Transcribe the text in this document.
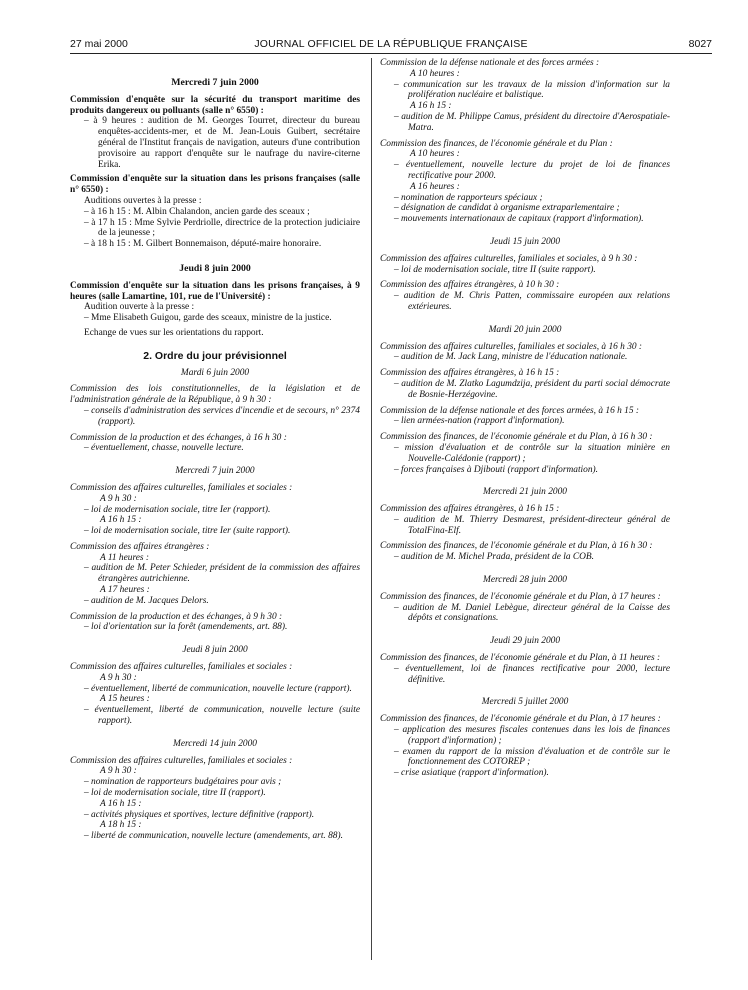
27 mai 2000	JOURNAL OFFICIEL DE LA RÉPUBLIQUE FRANÇAISE	8027
Mercredi 7 juin 2000
Commission d'enquête sur la sécurité du transport maritime des produits dangereux ou polluants (salle n° 6550) :
– à 9 heures : audition de M. Georges Tourret, directeur du bureau enquêtes-accidents-mer, et de M. Jean-Louis Guibert, secrétaire général de l'Institut français de navigation, auteurs d'une contribution provisoire au rapport d'enquête sur le naufrage du navire-citerne Erika.
Commission d'enquête sur la situation dans les prisons françaises (salle n° 6550) :
Auditions ouvertes à la presse :
– à 16 h 15 : M. Albin Chalandon, ancien garde des sceaux ;
– à 17 h 15 : Mme Sylvie Perdriolle, directrice de la protection judiciaire de la jeunesse ;
– à 18 h 15 : M. Gilbert Bonnemaison, député-maire honoraire.
Jeudi 8 juin 2000
Commission d'enquête sur la situation dans les prisons françaises, à 9 heures (salle Lamartine, 101, rue de l'Université) :
Audition ouverte à la presse :
– Mme Elisabeth Guigou, garde des sceaux, ministre de la justice.
Echange de vues sur les orientations du rapport.
2. Ordre du jour prévisionnel
Mardi 6 juin 2000
Commission des lois constitutionnelles, de la législation et de l'administration générale de la République, à 9 h 30 :
– conseils d'administration des services d'incendie et de secours, n° 2374 (rapport).
Commission de la production et des échanges, à 16 h 30 :
– éventuellement, chasse, nouvelle lecture.
Mercredi 7 juin 2000
Commission des affaires culturelles, familiales et sociales :
A 9 h 30 :
– loi de modernisation sociale, titre Ier (rapport).
A 16 h 15 :
– loi de modernisation sociale, titre Ier (suite rapport).
Commission des affaires étrangères :
A 11 heures :
– audition de M. Peter Schieder, président de la commission des affaires étrangères autrichienne.
A 17 heures :
– audition de M. Jacques Delors.
Commission de la production et des échanges, à 9 h 30 :
– loi d'orientation sur la forêt (amendements, art. 88).
Jeudi 8 juin 2000
Commission des affaires culturelles, familiales et sociales :
A 9 h 30 :
– éventuellement, liberté de communication, nouvelle lecture (rapport).
A 15 heures :
– éventuellement, liberté de communication, nouvelle lecture (suite rapport).
Mercredi 14 juin 2000
Commission des affaires culturelles, familiales et sociales :
A 9 h 30 :
– nomination de rapporteurs budgétaires pour avis ;
– loi de modernisation sociale, titre II (rapport).
A 16 h 15 :
– activités physiques et sportives, lecture définitive (rapport).
A 18 h 15 :
– liberté de communication, nouvelle lecture (amendements, art. 88).
Commission de la défense nationale et des forces armées :
A 10 heures :
– communication sur les travaux de la mission d'information sur la prolifération nucléaire et balistique.
A 16 h 15 :
– audition de M. Philippe Camus, président du directoire d'Aerospatiale-Matra.
Commission des finances, de l'économie générale et du Plan :
A 10 heures :
– éventuellement, nouvelle lecture du projet de loi de finances rectificative pour 2000.
A 16 heures :
– nomination de rapporteurs spéciaux ;
– désignation de candidat à organisme extraparlementaire ;
– mouvements internationaux de capitaux (rapport d'information).
Jeudi 15 juin 2000
Commission des affaires culturelles, familiales et sociales, à 9 h 30 :
– loi de modernisation sociale, titre II (suite rapport).
Commission des affaires étrangères, à 10 h 30 :
– audition de M. Chris Patten, commissaire européen aux relations extérieures.
Mardi 20 juin 2000
Commission des affaires culturelles, familiales et sociales, à 16 h 30 :
– audition de M. Jack Lang, ministre de l'éducation nationale.
Commission des affaires étrangères, à 16 h 15 :
– audition de M. Zlatko Lagumdzija, président du parti social démocrate de Bosnie-Herzégovine.
Commission de la défense nationale et des forces armées, à 16 h 15 :
– lien armées-nation (rapport d'information).
Commission des finances, de l'économie générale et du Plan, à 16 h 30 :
– mission d'évaluation et de contrôle sur la situation minière en Nouvelle-Calédonie (rapport) ;
– forces françaises à Djibouti (rapport d'information).
Mercredi 21 juin 2000
Commission des affaires étrangères, à 16 h 15 :
– audition de M. Thierry Desmarest, président-directeur général de TotalFina-Elf.
Commission des finances, de l'économie générale et du Plan, à 16 h 30 :
– audition de M. Michel Prada, président de la COB.
Mercredi 28 juin 2000
Commission des finances, de l'économie générale et du Plan, à 17 heures :
– audition de M. Daniel Lebègue, directeur général de la Caisse des dépôts et consignations.
Jeudi 29 juin 2000
Commission des finances, de l'économie générale et du Plan, à 11 heures :
– éventuellement, loi de finances rectificative pour 2000, lecture définitive.
Mercredi 5 juillet 2000
Commission des finances, de l'économie générale et du Plan, à 17 heures :
– application des mesures fiscales contenues dans les lois de finances (rapport d'information) ;
– examen du rapport de la mission d'évaluation et de contrôle sur le fonctionnement des COTOREP ;
– crise asiatique (rapport d'information).
